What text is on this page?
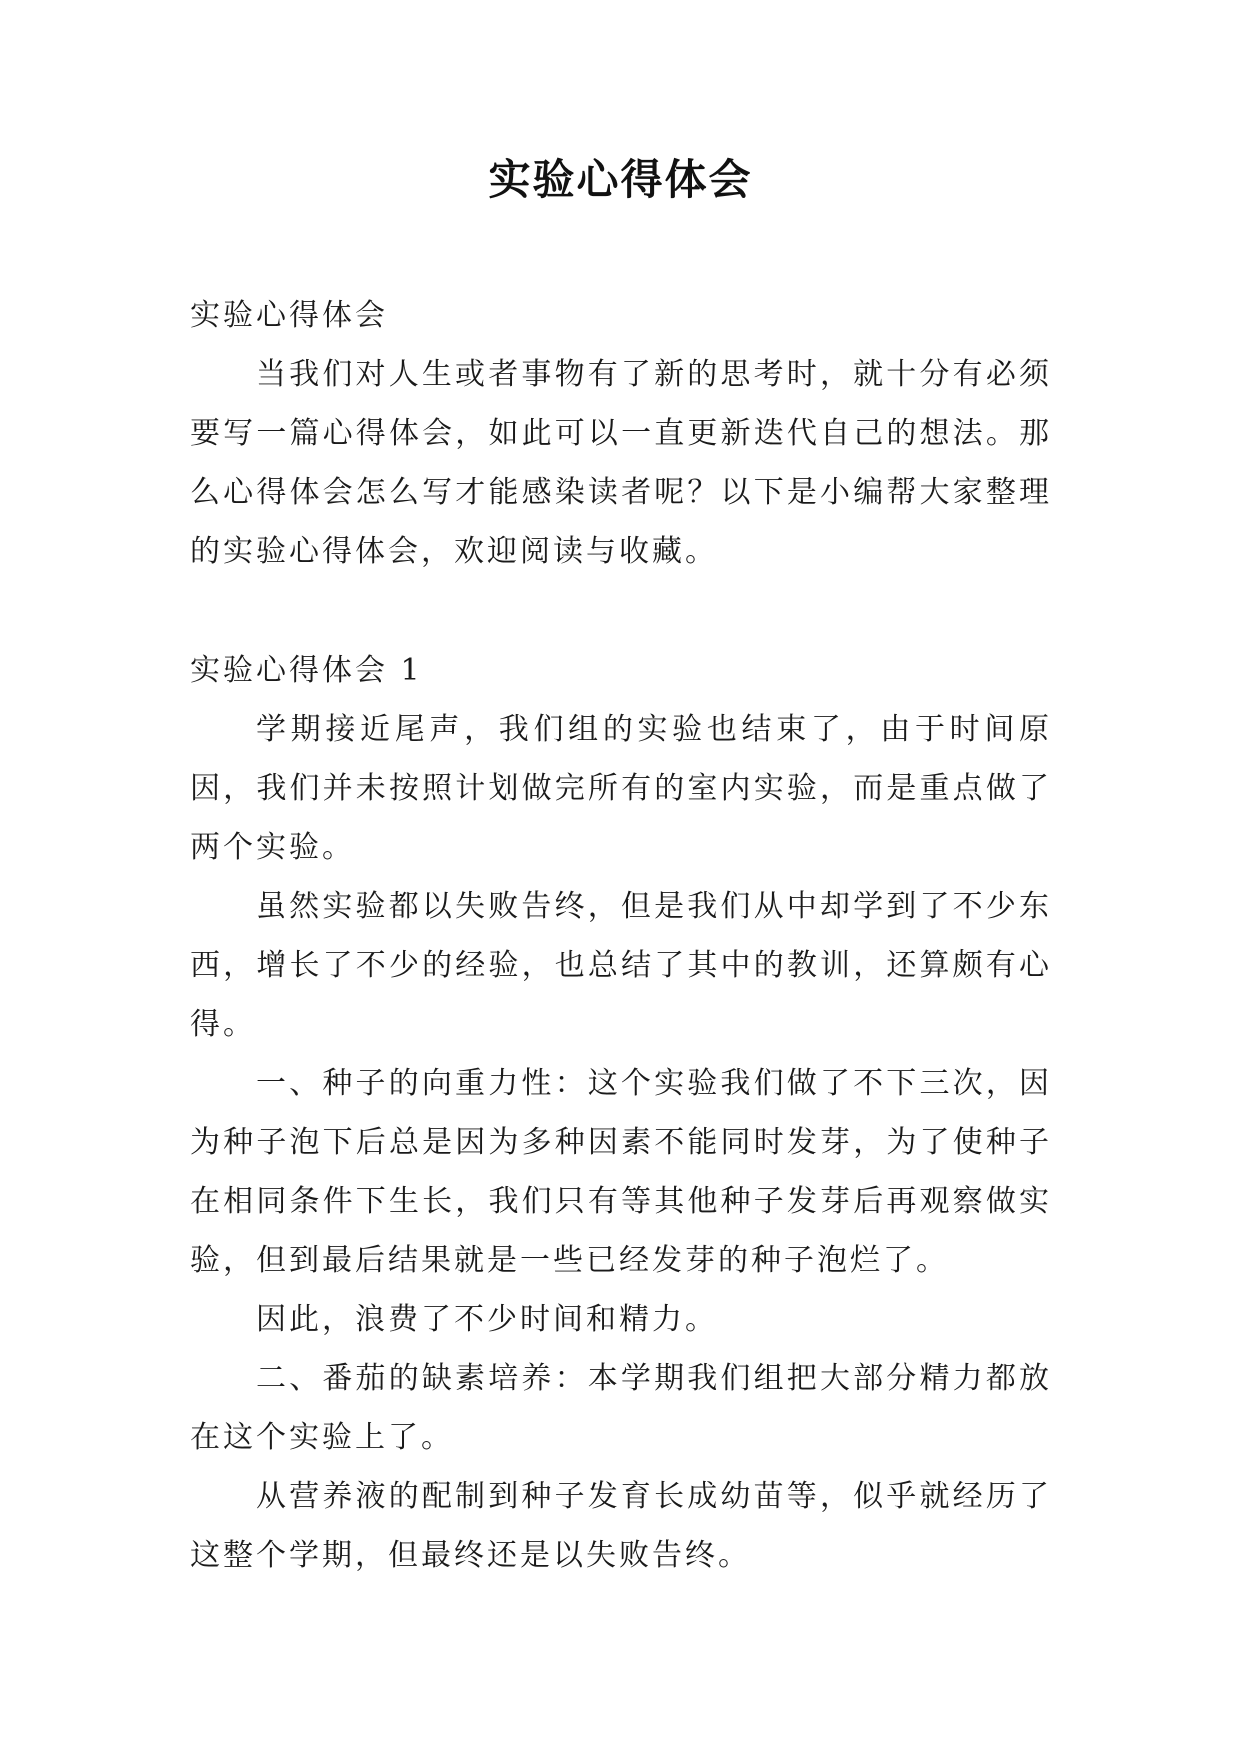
实验心得体会

实验心得体会

当我们对人生或者事物有了新的思考时，就十分有必须要写一篇心得体会，如此可以一直更新迭代自己的想法。那么心得体会怎么写才能感染读者呢？以下是小编帮大家整理的实验心得体会，欢迎阅读与收藏。

实验心得体会 1

学期接近尾声，我们组的实验也结束了，由于时间原因，我们并未按照计划做完所有的室内实验，而是重点做了两个实验。

虽然实验都以失败告终，但是我们从中却学到了不少东西，增长了不少的经验，也总结了其中的教训，还算颇有心得。

一、种子的向重力性：这个实验我们做了不下三次，因为种子泡下后总是因为多种因素不能同时发芽，为了使种子在相同条件下生长，我们只有等其他种子发芽后再观察做实验，但到最后结果就是一些已经发芽的种子泡烂了。

因此，浪费了不少时间和精力。

二、番茄的缺素培养：本学期我们组把大部分精力都放在这个实验上了。

从营养液的配制到种子发育长成幼苗等，似乎就经历了这整个学期，但最终还是以失败告终。
